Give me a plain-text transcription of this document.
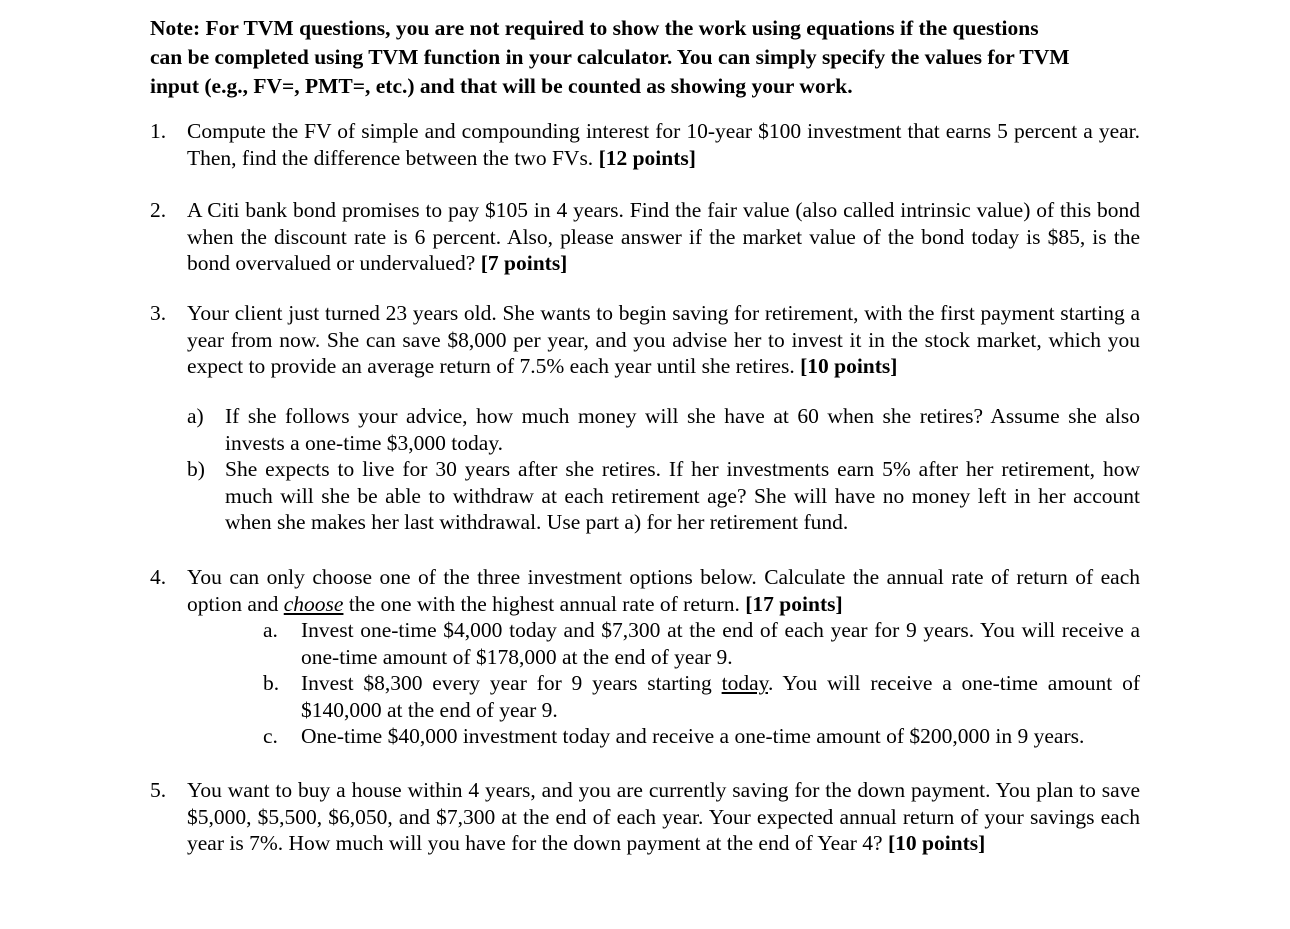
Note: For TVM questions, you are not required to show the work using equations if the questions
can be completed using TVM function in your calculator. You can simply specify the values for TVM
input (e.g., FV=, PMT=, etc.) and that will be counted as showing your work.
1. Compute the FV of simple and compounding interest for 10-year $100 investment that earns 5 percent a year. Then, find the difference between the two FVs. [12 points]
2. A Citi bank bond promises to pay $105 in 4 years. Find the fair value (also called intrinsic value) of this bond when the discount rate is 6 percent. Also, please answer if the market value of the bond today is $85, is the bond overvalued or undervalued? [7 points]
3. Your client just turned 23 years old. She wants to begin saving for retirement, with the first payment starting a year from now. She can save $8,000 per year, and you advise her to invest it in the stock market, which you expect to provide an average return of 7.5% each year until she retires. [10 points]
a) If she follows your advice, how much money will she have at 60 when she retires? Assume she also invests a one-time $3,000 today.
b) She expects to live for 30 years after she retires. If her investments earn 5% after her retirement, how much will she be able to withdraw at each retirement age? She will have no money left in her account when she makes her last withdrawal. Use part a) for her retirement fund.
4. You can only choose one of the three investment options below. Calculate the annual rate of return of each option and choose the one with the highest annual rate of return. [17 points]
a. Invest one-time $4,000 today and $7,300 at the end of each year for 9 years. You will receive a one-time amount of $178,000 at the end of year 9.
b. Invest $8,300 every year for 9 years starting today. You will receive a one-time amount of $140,000 at the end of year 9.
c. One-time $40,000 investment today and receive a one-time amount of $200,000 in 9 years.
5. You want to buy a house within 4 years, and you are currently saving for the down payment. You plan to save $5,000, $5,500, $6,050, and $7,300 at the end of each year. Your expected annual return of your savings each year is 7%. How much will you have for the down payment at the end of Year 4? [10 points]
